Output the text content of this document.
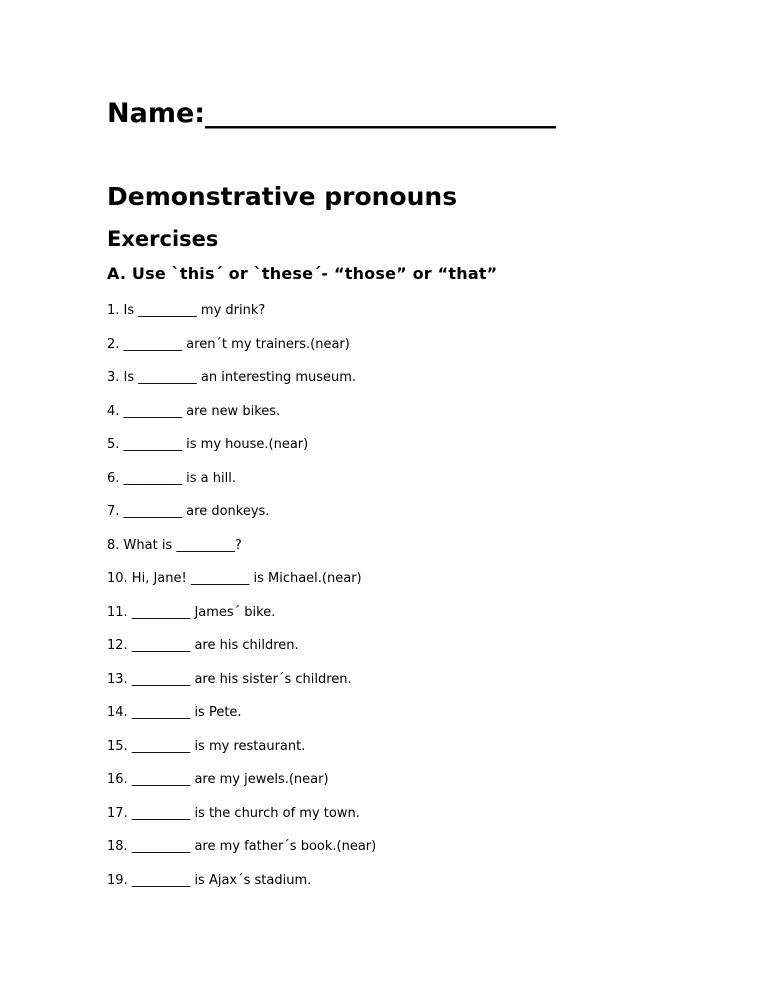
Name:__________________________
Demonstrative pronouns
Exercises
A. Use `this´ or `these´- “those” or “that”
1. Is _________ my drink?
2. _________ aren´t my trainers.(near)
3. Is _________ an interesting museum.
4. _________ are new bikes.
5. _________ is my house.(near)
6. _________ is a hill.
7. _________ are donkeys.
8. What is _________?
10. Hi, Jane! _________ is Michael.(near)
11. _________ James´ bike.
12. _________ are his children.
13. _________ are his sister´s children.
14. _________ is Pete.
15. _________ is my restaurant.
16. _________ are my jewels.(near)
17. _________ is the church of my town.
18. _________ are my father´s book.(near)
19. _________ is Ajax´s stadium.
